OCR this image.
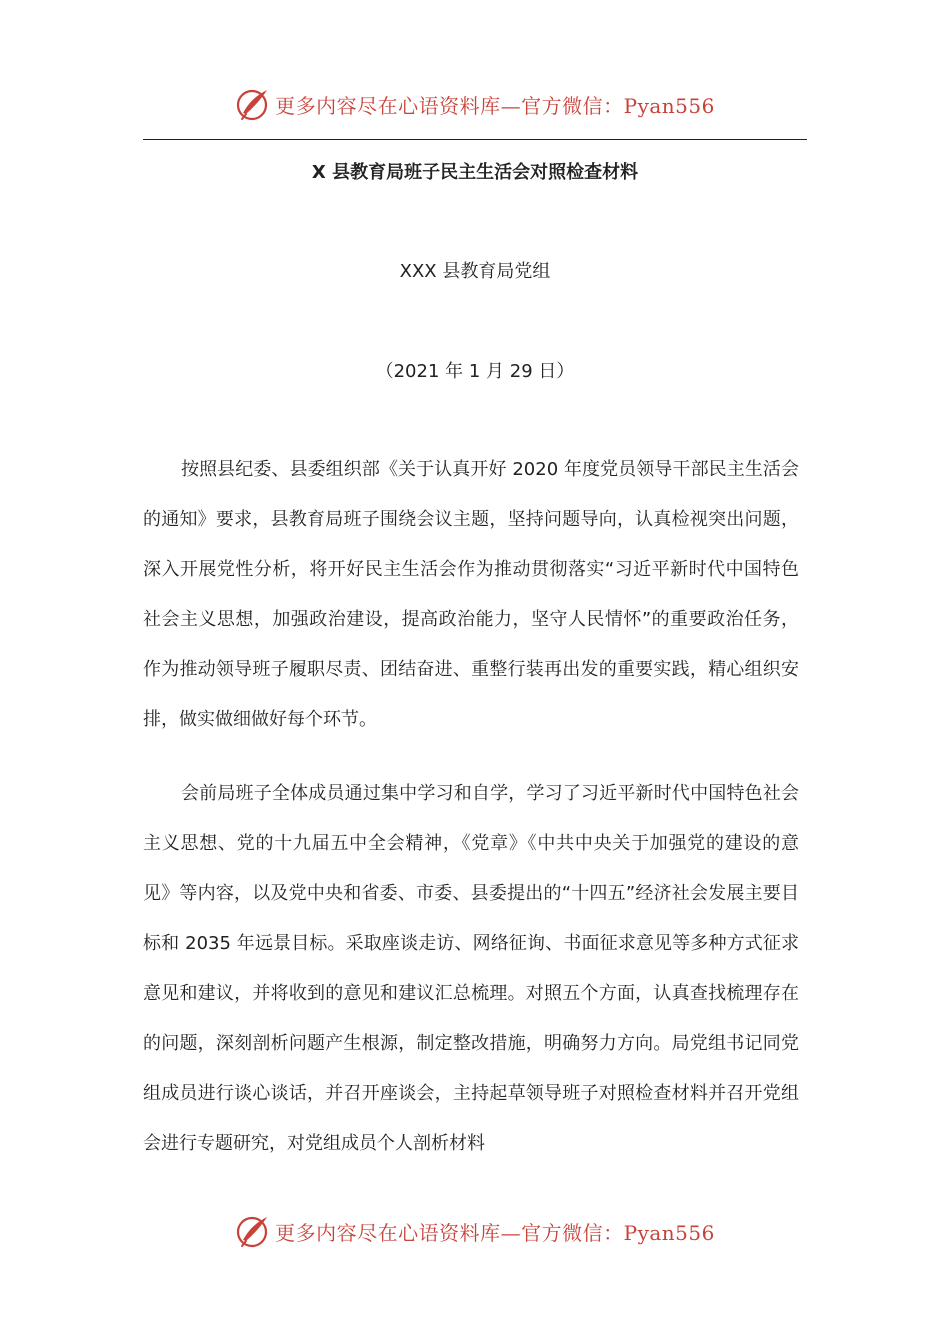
更多内容尽在心语资料库—官方微信：Pyan556
X 县教育局班子民主生活会对照检查材料
XXX 县教育局党组
（2021 年 1 月 29 日）

按照县纪委、县委组织部《关于认真开好 2020 年度党员领导干部民主生活会的通知》要求，县教育局班子围绕会议主题，坚持问题导向，认真检视突出问题，深入开展党性分析，将开好民主生活会作为推动贯彻落实“习近平新时代中国特色社会主义思想，加强政治建设，提高政治能力，坚守人民情怀”的重要政治任务，作为推动领导班子履职尽责、团结奋进、重整行装再出发的重要实践，精心组织安排，做实做细做好每个环节。

会前局班子全体成员通过集中学习和自学，学习了习近平新时代中国特色社会主义思想、党的十九届五中全会精神，《党章》《中共中央关于加强党的建设的意见》等内容，以及党中央和省委、市委、县委提出的“十四五”经济社会发展主要目标和 2035 年远景目标。采取座谈走访、网络征询、书面征求意见等多种方式征求意见和建议，并将收到的意见和建议汇总梳理。对照五个方面，认真查找梳理存在的问题，深刻剖析问题产生根源，制定整改措施，明确努力方向。局党组书记同党组成员进行谈心谈话，并召开座谈会，主持起草领导班子对照检查材料并召开党组会进行专题研究，对党组成员个人剖析材料

更多内容尽在心语资料库—官方微信：Pyan556
